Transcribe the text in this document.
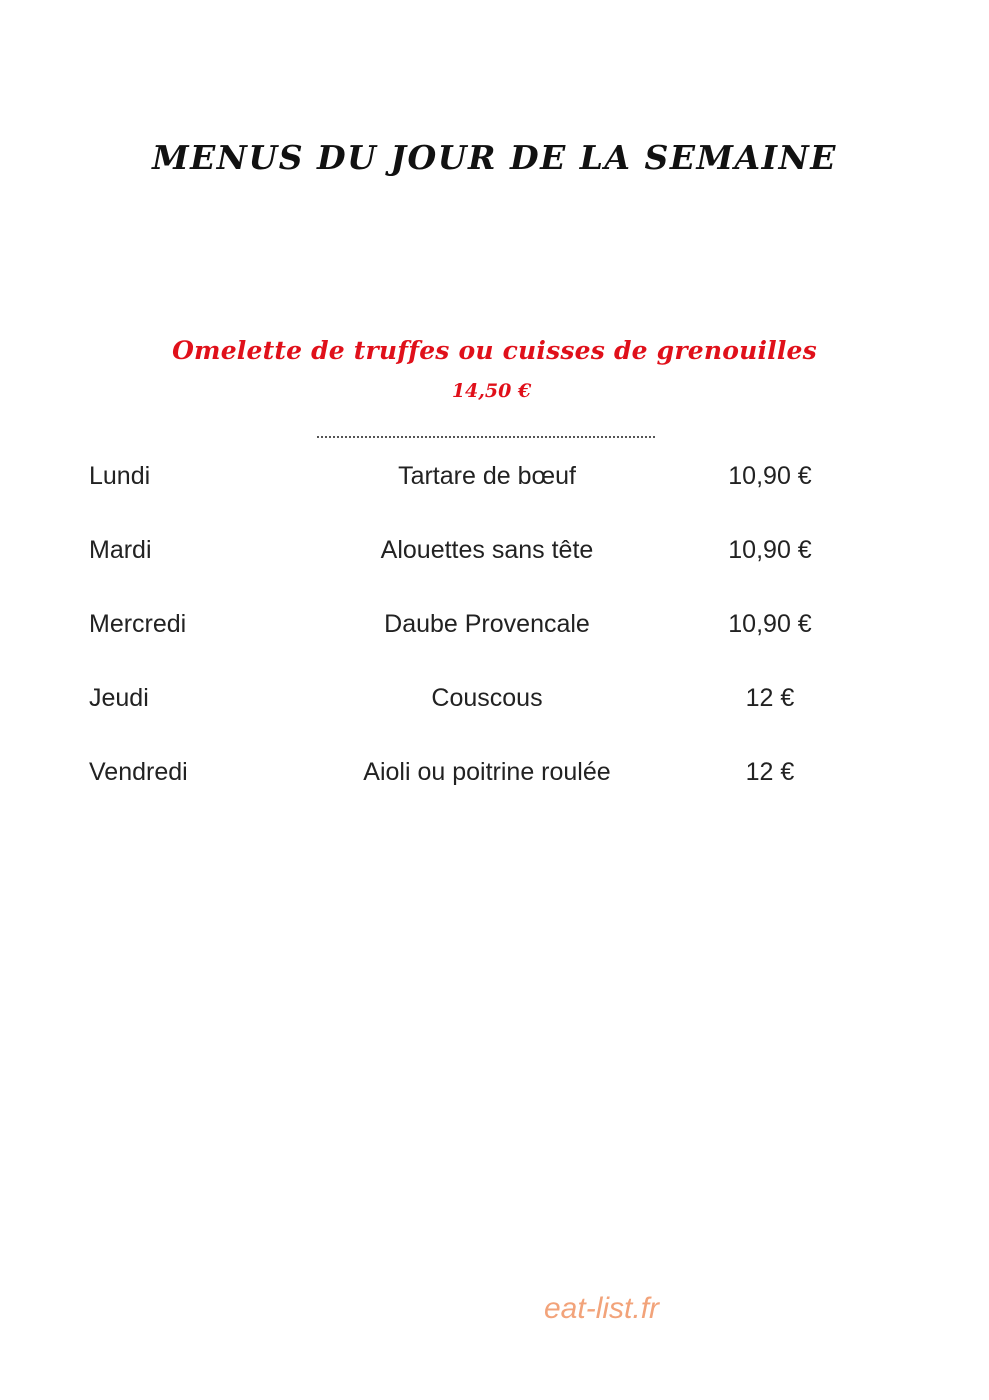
MENUS DU JOUR DE LA SEMAINE
Omelette de truffes ou cuisses de grenouilles
14,50 €
Lundi	Tartare de bœuf	10,90 €
Mardi	Alouettes sans tête	10,90 €
Mercredi	Daube Provencale	10,90 €
Jeudi	Couscous	12 €
Vendredi	Aioli ou poitrine roulée	12 €
eat-list.fr
